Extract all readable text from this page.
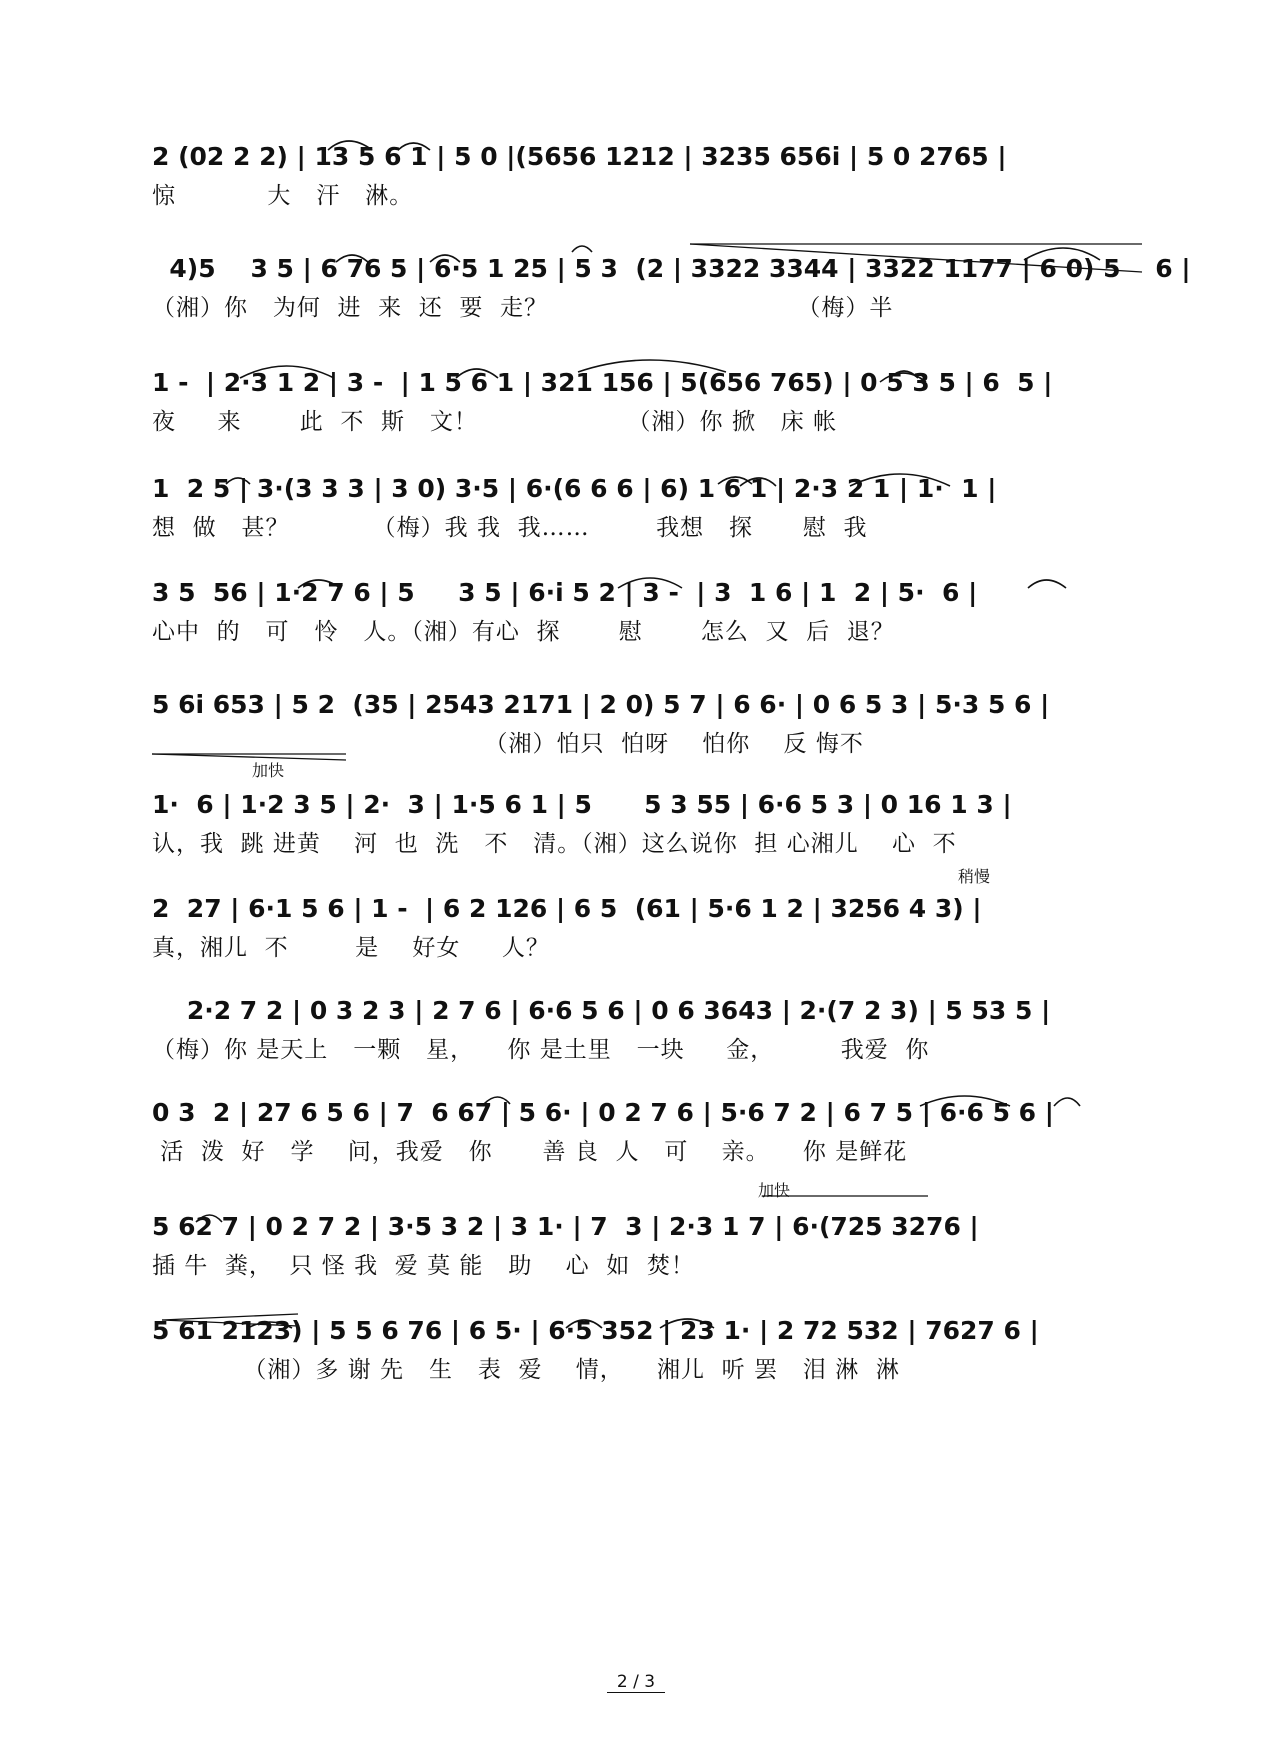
2 (02 2 2) | 13 5 6 1 | 5 0 |(5656 1212 | 3235 656i | 5 0 2765 |
惊           大   汗   淋。
4)5    3 5 | 6 76 5 | 6·5 1 25 | 5 3  (2 | 3322 3344 | 3322 1177 | 6 0) 5    6 |
（湘）你   为何  进  来  还  要  走？                              （梅）半
1 -  | 2·3 1 2 | 3 -  | 1 5 6 1 | 321 156 | 5(656 765) | 0 5 3 5 | 6  5 |
夜     来       此  不  斯   文！                  （湘）你 掀   床 帐
1  2 5 | 3·(3 3 3 | 3 0) 3·5 | 6·(6 6 6 | 6) 1 6 1 | 2·3 2 1 | 1·  1 |
想  做   甚？          （梅）我 我  我……        我想   探      慰  我
3 5  56 | 1·2 7 6 | 5     3 5 | 6·i 5 2 | 3 -  | 3  1 6 | 1  2 | 5·  6 |
心中  的   可   怜   人。（湘）有心  探       慰       怎么  又  后  退？
5 6i 653 | 5 2  (35 | 2543 2171 | 2 0) 5 7 | 6 6· | 0 6 5 3 | 5·3 5 6 |
（湘）怕只  怕呀    怕你    反 悔不
1·  6 | 1·2 3 5 | 2·  3 | 1·5 6 1 | 5      5 3 55 | 6·6 5 3 | 0 16 1 3 |
认，我  跳 进黄    河  也  洗   不   清。（湘）这么说你  担 心湘儿    心  不
加快
2  27 | 6·1 5 6 | 1 -  | 6 2 126 | 6 5  (61 | 5·6 1 2 | 3256 4 3) |
真，湘儿  不        是    好女     人？
稍慢
2·2 7 2 | 0 3 2 3 | 2 7 6 | 6·6 5 6 | 0 6 3643 | 2·(7 2 3) | 5 53 5 |
（梅）你 是天上   一颗   星，    你 是土里   一块     金，        我爱  你
0 3  2 | 27 6 5 6 | 7  6 67 | 5 6· | 0 2 7 6 | 5·6 7 2 | 6 7 5 | 6·6 5 6 |
活  泼  好   学    问，我爱   你      善 良  人   可    亲。    你 是鲜花
5 62 7 | 0 2 7 2 | 3·5 3 2 | 3 1· | 7  3 | 2·3 1 7 | 6·(725 3276 |
插 牛  粪，  只 怪 我  爱 莫 能   助    心  如  焚！
加快
5 61 2123) | 5 5 6 76 | 6 5· | 6·5 352 | 23 1· | 2 72 532 | 7627 6 |
（湘）多 谢 先   生   表  爱    情，    湘儿  听 罢   泪 淋  淋
2 / 3
